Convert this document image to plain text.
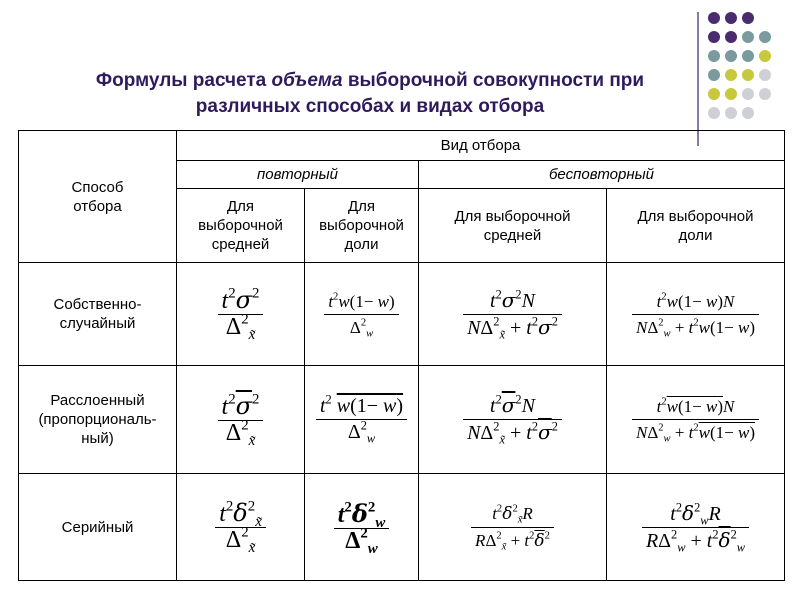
Формулы расчета объема выборочной совокупности при
различных способах и видах отбора
Способ отбора	Вид отбора			
	повторный		бесповторный	
	Для выборочной средней	Для выборочной доли	Для выборочной средней	Для выборочной доли
Собственно-случайный	$\frac{t^2\sigma^2}{\Delta^2_{x̃}}$	$\frac{t^2w(1- w)}{\Delta^2_w}$	$\frac{t^2\sigma^2N}{N\Delta^2_{x̃} + t^2\sigma^2}$	$\frac{t^2w(1- w)N}{N\Delta^2_w + t^2w(1- w)}$

Расслоенный (пропорциональ-ный)	$\frac{t^2\overline{\sigma}^2}{\Delta^2_{x̃}}$	$\frac{t^2 w(1- w)}{\Delta^2_w}$	$\frac{t^2\overline{\sigma}^2N}{N\Delta^2_{x̃} + t^2\overline{\sigma}^2}$	$\frac{t^2w(1- w)N}{N\Delta^2_w + t^2w(1- w)}$

Серийный	$\frac{t^2\delta^2_{x̃}}{\Delta^2_{x̃}}$	$\frac{t^2\delta^2_w}{\Delta^2_w}$	$\frac{t^2\delta^2_{x̃}R}{R\Delta^2_{x̃} + t^2\overline{\delta}^2}$	$\frac{t^2\delta^2_wR}{R\Delta^2_w + t^2\overline{\delta}^2_w}$
